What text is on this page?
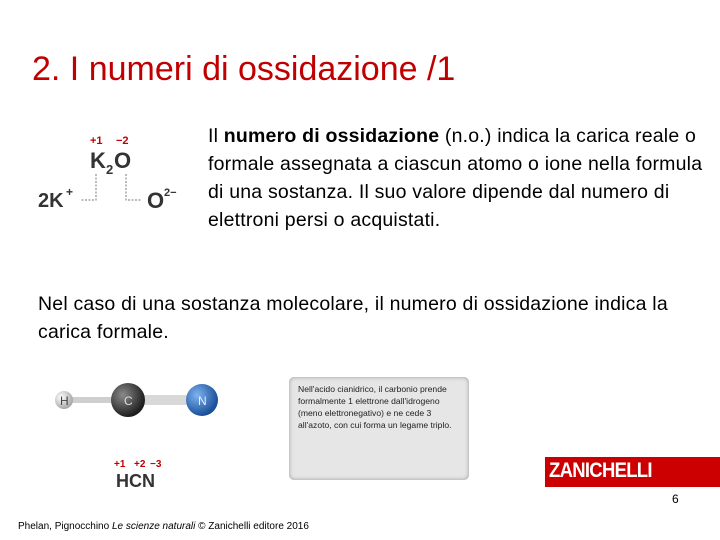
2. I numeri di ossidazione /1
+1 −2
K 2 O
2K +	O 2−
Il numero di ossidazione (n.o.) indica la carica reale o formale assegnata a ciascun atomo o ione nella formula di una sostanza. Il suo valore dipende dal numero di elettroni persi o acquistati.
Nel caso di una sostanza molecolare, il numero di ossidazione indica la carica formale.
H	C	N
+1 +2 −3
HCN
Nell'acido cianidrico, il carbonio prende formalmente 1 elettrone dall'idrogeno (meno elettronegativo) e ne cede 3 all'azoto, con cui forma un legame triplo.
ZANICHELLI
6
Phelan, Pignocchino Le scienze naturali © Zanichelli editore 2016
